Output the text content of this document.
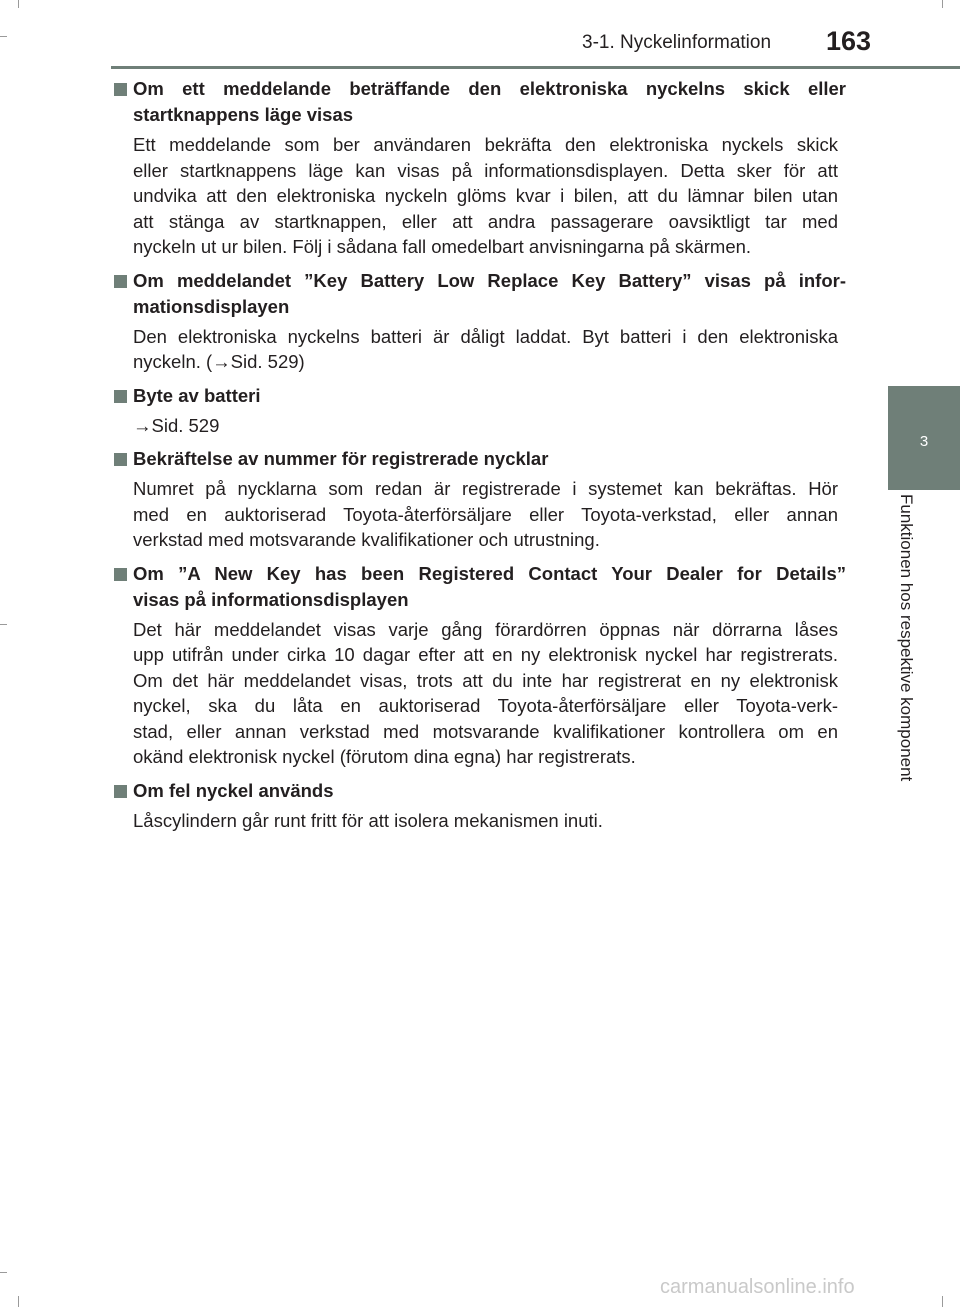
3-1. Nyckelinformation 163
3
Funktionen hos respektive komponent
Om ett meddelande beträffande den elektroniska nyckelns skick eller
startknappens läge visas
Ett meddelande som ber användaren bekräfta den elektroniska nyckels skick
eller startknappens läge kan visas på informationsdisplayen. Detta sker för att
undvika att den elektroniska nyckeln glöms kvar i bilen, att du lämnar bilen utan
att stänga av startknappen, eller att andra passagerare oavsiktligt tar med
nyckeln ut ur bilen. Följ i sådana fall omedelbart anvisningarna på skärmen.
Om meddelandet ”Key Battery Low Replace Key Battery” visas på infor-
mationsdisplayen
Den elektroniska nyckelns batteri är dåligt laddat. Byt batteri i den elektroniska
nyckeln. (→Sid. 529)
Byte av batteri
→Sid. 529
Bekräftelse av nummer för registrerade nycklar
Numret på nycklarna som redan är registrerade i systemet kan bekräftas. Hör
med en auktoriserad Toyota-återförsäljare eller Toyota-verkstad, eller annan
verkstad med motsvarande kvalifikationer och utrustning.
Om ”A New Key has been Registered Contact Your Dealer for Details”
visas på informationsdisplayen
Det här meddelandet visas varje gång förardörren öppnas när dörrarna låses
upp utifrån under cirka 10 dagar efter att en ny elektronisk nyckel har registrerats.
Om det här meddelandet visas, trots att du inte har registrerat en ny elektronisk
nyckel, ska du låta en auktoriserad Toyota-återförsäljare eller Toyota-verk-
stad, eller annan verkstad med motsvarande kvalifikationer kontrollera om en
okänd elektronisk nyckel (förutom dina egna) har registrerats.
Om fel nyckel används
Låscylindern går runt fritt för att isolera mekanismen inuti.
carmanualsonline.info
